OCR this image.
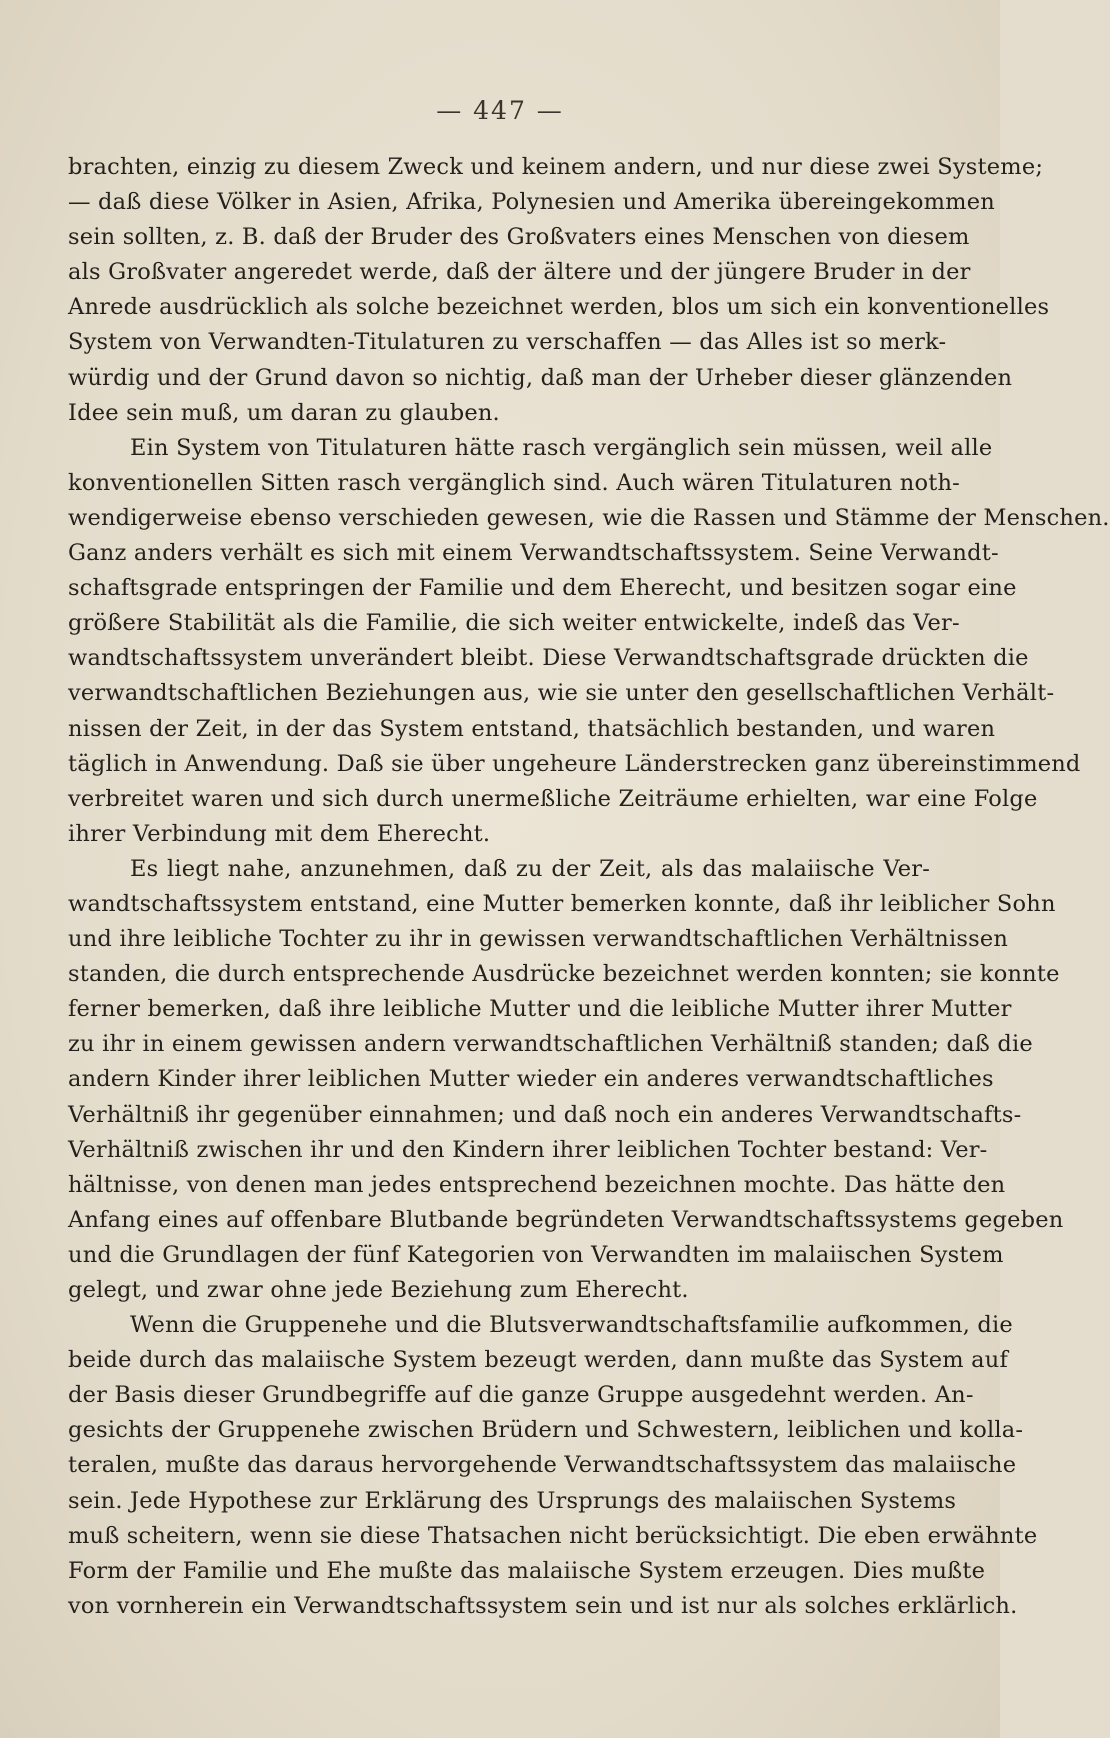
— 447 —
brachten, einzig zu diesem Zweck und keinem andern, und nur diese zwei Systeme;
— daß diese Völker in Asien, Afrika, Polynesien und Amerika übereingekommen
sein sollten, z. B. daß der Bruder des Großvaters eines Menschen von diesem
als Großvater angeredet werde, daß der ältere und der jüngere Bruder in der
Anrede ausdrücklich als solche bezeichnet werden, blos um sich ein konventionelles
System von Verwandten-Titulaturen zu verschaffen — das Alles ist so merk-
würdig und der Grund davon so nichtig, daß man der Urheber dieser glänzenden
Idee sein muß, um daran zu glauben.
Ein System von Titulaturen hätte rasch vergänglich sein müssen, weil alle
konventionellen Sitten rasch vergänglich sind. Auch wären Titulaturen noth-
wendigerweise ebenso verschieden gewesen, wie die Rassen und Stämme der Menschen.
Ganz anders verhält es sich mit einem Verwandtschaftssystem. Seine Verwandt-
schaftsgrade entspringen der Familie und dem Eherecht, und besitzen sogar eine
größere Stabilität als die Familie, die sich weiter entwickelte, indeß das Ver-
wandtschaftssystem unverändert bleibt. Diese Verwandtschaftsgrade drückten die
verwandtschaftlichen Beziehungen aus, wie sie unter den gesellschaftlichen Verhält-
nissen der Zeit, in der das System entstand, thatsächlich bestanden, und waren
täglich in Anwendung. Daß sie über ungeheure Länderstrecken ganz übereinstimmend
verbreitet waren und sich durch unermeßliche Zeiträume erhielten, war eine Folge
ihrer Verbindung mit dem Eherecht.
Es liegt nahe, anzunehmen, daß zu der Zeit, als das malaiische Ver-
wandtschaftssystem entstand, eine Mutter bemerken konnte, daß ihr leiblicher Sohn
und ihre leibliche Tochter zu ihr in gewissen verwandtschaftlichen Verhältnissen
standen, die durch entsprechende Ausdrücke bezeichnet werden konnten; sie konnte
ferner bemerken, daß ihre leibliche Mutter und die leibliche Mutter ihrer Mutter
zu ihr in einem gewissen andern verwandtschaftlichen Verhältniß standen; daß die
andern Kinder ihrer leiblichen Mutter wieder ein anderes verwandtschaftliches
Verhältniß ihr gegenüber einnahmen; und daß noch ein anderes Verwandtschafts-
Verhältniß zwischen ihr und den Kindern ihrer leiblichen Tochter bestand: Ver-
hältnisse, von denen man jedes entsprechend bezeichnen mochte. Das hätte den
Anfang eines auf offenbare Blutbande begründeten Verwandtschaftssystems gegeben
und die Grundlagen der fünf Kategorien von Verwandten im malaiischen System
gelegt, und zwar ohne jede Beziehung zum Eherecht.
Wenn die Gruppenehe und die Blutsverwandtschaftsfamilie aufkommen, die
beide durch das malaiische System bezeugt werden, dann mußte das System auf
der Basis dieser Grundbegriffe auf die ganze Gruppe ausgedehnt werden. An-
gesichts der Gruppenehe zwischen Brüdern und Schwestern, leiblichen und kolla-
teralen, mußte das daraus hervorgehende Verwandtschaftssystem das malaiische
sein. Jede Hypothese zur Erklärung des Ursprungs des malaiischen Systems
muß scheitern, wenn sie diese Thatsachen nicht berücksichtigt. Die eben erwähnte
Form der Familie und Ehe mußte das malaiische System erzeugen. Dies mußte
von vornherein ein Verwandtschaftssystem sein und ist nur als solches erklärlich.
